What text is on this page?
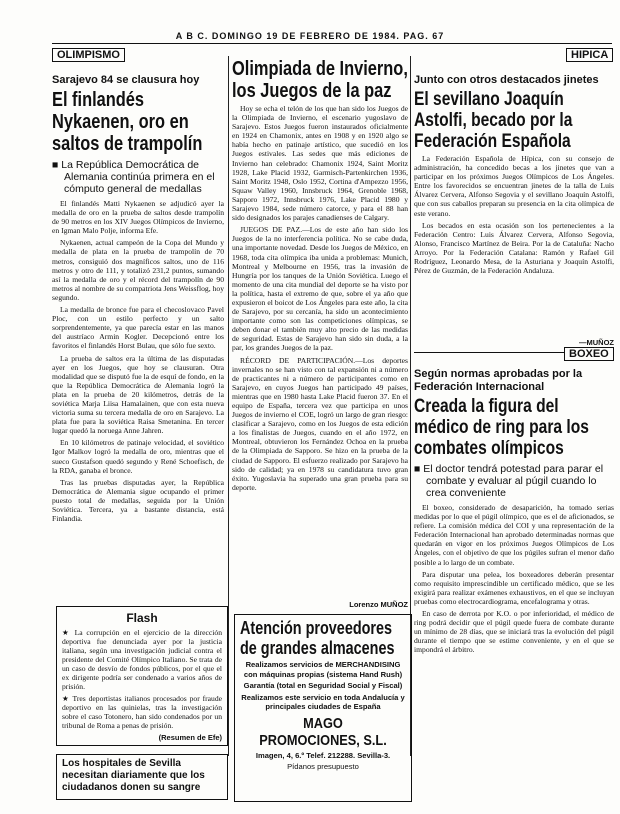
A B C. DOMINGO 19 DE FEBRERO DE 1984. PAG. 67
OLIMPISMO	HIPICA
Sarajevo 84 se clausura hoy
El finlandés Nykaenen, oro en saltos de trampolín
■ La República Democrática de Alemania continúa primera en el cómputo general de medallas

El finlandés Matti Nykaenen se adjudicó ayer la medalla de oro en la prueba de saltos desde trampolín de 90 metros en los XIV Juegos Olímpicos de Invierno, en Igman Malo Polje, informa Efe.

Nykaenen, actual campeón de la Copa del Mundo y medalla de plata en la prueba de trampolín de 70 metros, consiguió dos magníficos saltos, uno de 116 metros y otro de 111, y totalizó 231,2 puntos, sumando así la medalla de oro y el récord del trampolín de 90 metros al nombre de su compatriota Jens Weissflog, hoy segundo.

La medalla de bronce fue para el checoslovaco Pavel Ploc, con un estilo perfecto y un salto sorprendentemente, ya que parecía estar en las manos del austríaco Armin Kogler. Decepcionó entre los favoritos el finlandés Horst Bulau, que sólo fue sexto.

La prueba de saltos era la última de las disputadas ayer en los Juegos, que hoy se clausuran. Otra modalidad que se disputó fue la de esquí de fondo, en la que la República Democrática de Alemania logró la plata en la prueba de 20 kilómetros, detrás de la soviética Marja Liisa Hamalainen, que con esta nueva victoria suma su tercera medalla de oro en Sarajevo. La plata fue para la soviética Raisa Smetanina. En tercer lugar quedó la noruega Anne Jahren.

En 10 kilómetros de patinaje velocidad, el soviético Igor Malkov logró la medalla de oro, mientras que el sueco Gustafson quedó segundo y René Schoefisch, de la RDA, ganaba el bronce.

Tras las pruebas disputadas ayer, la República Democrática de Alemania sigue ocupando el primer puesto total de medallas, seguida por la Unión Soviética. Tercera, ya a bastante distancia, está Finlandia.

Flash

★ La corrupción en el ejercicio de la dirección deportiva fue denunciada ayer por la justicia italiana, según una investigación judicial contra el presidente del Comité Olímpico Italiano. Se trata de un caso de desvío de fondos públicos, por el que el ex dirigente podría ser condenado a varios años de prisión.

★ Tres deportistas italianos procesados por fraude deportivo en las quinielas, tras la investigación sobre el caso Totonero, han sido condenados por un tribunal de Roma a penas de prisión.

(Resumen de Efe)
Los hospitales de Sevilla necesitan diariamente que los ciudadanos donen su sangre
Olimpiada de Invierno, los Juegos de la paz

Hoy se echa el telón de los que han sido los Juegos de la Olimpiada de Invierno, el escenario yugoslavo de Sarajevo. Estos Juegos fueron instaurados oficialmente en 1924 en Chamonix, antes en 1908 y en 1920 algo se había hecho en patinaje artístico, que sucedió en los Juegos estivales. Las sedes que más ediciones de Invierno han celebrado: Chamonix 1924, Saint Moritz 1928, Lake Placid 1932, Garmisch-Partenkirchen 1936, Saint Moritz 1948, Oslo 1952, Cortina d'Ampezzo 1956, Squaw Valley 1960, Innsbruck 1964, Grenoble 1968, Sapporo 1972, Innsbruck 1976, Lake Placid 1980 y Sarajevo 1984, sede número catorce, y para el 88 han sido designados los parajes canadienses de Calgary.

JUEGOS DE PAZ.—Los de este año han sido los Juegos de la no interferencia política. No se cabe duda, una importante novedad. Desde los Juegos de México, en 1968, toda cita olímpica iba unida a problemas: Munich, Montreal y Melbourne en 1956, tras la invasión de Hungría por los tanques de la Unión Soviética. Luego el momento de una cita mundial del deporte se ha visto por la política, hasta el extremo de que, sobre el ya año que expusieron el boicot de Los Ángeles para este año, la cita de Sarajevo, por su cercanía, ha sido un acontecimiento importante como son las competiciones olímpicas, se deben donar el también muy alto precio de las medidas de seguridad. Estas de Sarajevo han sido sin duda, a la par, los grandes Juegos de la paz.

RÉCORD DE PARTICIPACIÓN.—Los deportes invernales no se han visto con tal expansión ni a número de practicantes ni a número de participantes como en Sarajevo, en cuyos Juegos han participado 49 países, mientras que en 1980 hasta Lake Placid fueron 37. En el equipo de España, tercera vez que participa en unos Juegos de invierno el COE, logró un largo de gran riesgo: clasificar a Sarajevo, como en los Juegos de esta edición a los finalistas de Juegos, cuando en el año 1972, en Montreal, obtuvieron los Fernández Ochoa en la prueba de la Olimpiada de Sapporo. Se hizo en la prueba de la ciudad de Sapporo. El esfuerzo realizado por Sarajevo ha sido de calidad; ya en 1978 su candidatura tuvo gran éxito. Yugoslavia ha superado una gran prueba para su deporte.

Lorenzo MUÑOZ
Atención proveedores de grandes almacenes
Realizamos servicios de MERCHANDISING con máquinas propias (sistema Hand Rush)
Garantía (total en Seguridad Social y Fiscal)
Realizamos este servicio en toda Andalucía y principales ciudades de España
MAGO PROMOCIONES, S.L.
Imagen, 4, 6.º Telef. 212288. Sevilla-3.
Pídanos presupuesto
Junto con otros destacados jinetes
El sevillano Joaquín Astolfi, becado por la Federación Española

La Federación Española de Hípica, con su consejo de administración, ha concedido becas a los jinetes que van a participar en los próximos Juegos Olímpicos de Los Ángeles. Entre los favorecidos se encuentran jinetes de la talla de Luis Álvarez Cervera, Alfonso Segovia y el sevillano Joaquín Astolfi, que con sus caballos preparan su presencia en la cita olímpica de este verano.

Los becados en esta ocasión son los pertenecientes a la Federación Centro: Luis Álvarez Cervera, Alfonso Segovia, Alonso, Francisco Martínez de Beira. Por la de Cataluña: Nacho Arroyo. Por la Federación Catalana: Ramón y Rafael Gil Rodríguez, Leonardo Mesa, de la Asturiana y Joaquín Astolfi, Pérez de Guzmán, de la Federación Andaluza.

—MUÑOZ
BOXEO
Según normas aprobadas por la Federación Internacional
Creada la figura del médico de ring para los combates olímpicos
■ El doctor tendrá potestad para parar el combate y evaluar al púgil cuando lo crea conveniente

El boxeo, considerado de desaparición, ha tomado serias medidas por lo que el púgil olímpico, que es el de aficionados, se refiere. La comisión médica del COI y una representación de la Federación Internacional han aprobado determinadas normas que quedarán en vigor en los próximos Juegos Olímpicos de Los Ángeles, con el objetivo de que los púgiles sufran el menor daño posible a lo largo de un combate.

Para disputar una pelea, los boxeadores deberán presentar como requisito imprescindible un certificado médico, que se les exigirá para realizar exámenes exhaustivos, en el que se incluyan pruebas como electrocardiograma, encefalograma y otras.

En caso de derrota por K.O. o por inferioridad, el médico de ring podrá decidir que el púgil quede fuera de combate durante un mínimo de 28 días, que se iniciará tras la evolución del púgil durante el tiempo que se estime conveniente, y en el que se impondrá el árbitro.
